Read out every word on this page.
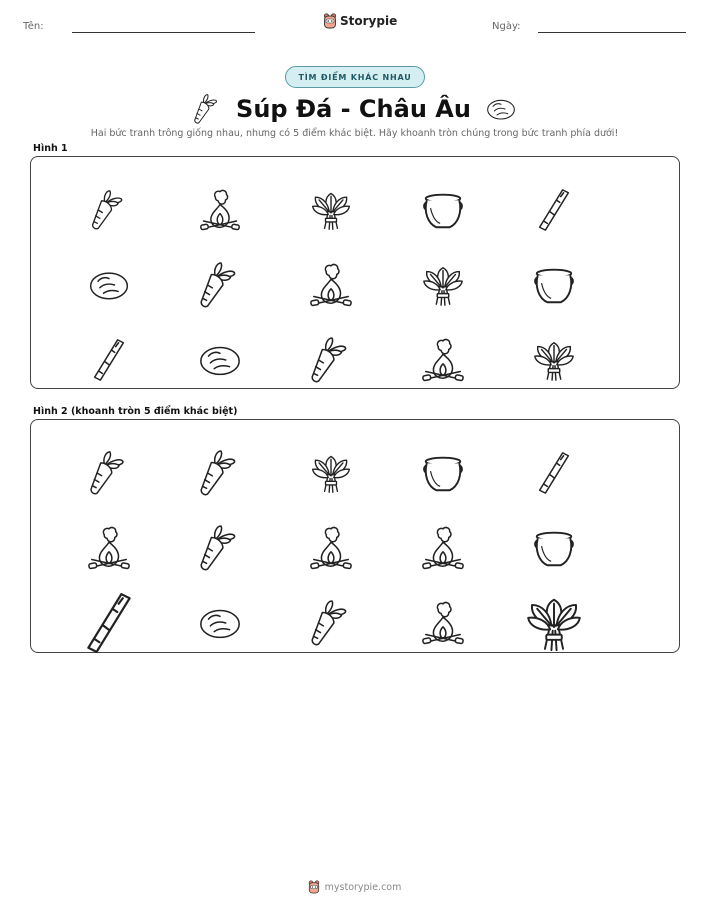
Tên:	Storypie	Ngày:
TÌM ĐIỂM KHÁC NHAU
Súp Đá - Châu Âu
Hai bức tranh trông giống nhau, nhưng có 5 điểm khác biệt. Hãy khoanh tròn chúng trong bức tranh phía dưới!
Hình 1
Hình 2 (khoanh tròn 5 điểm khác biệt)
mystorypie.com
